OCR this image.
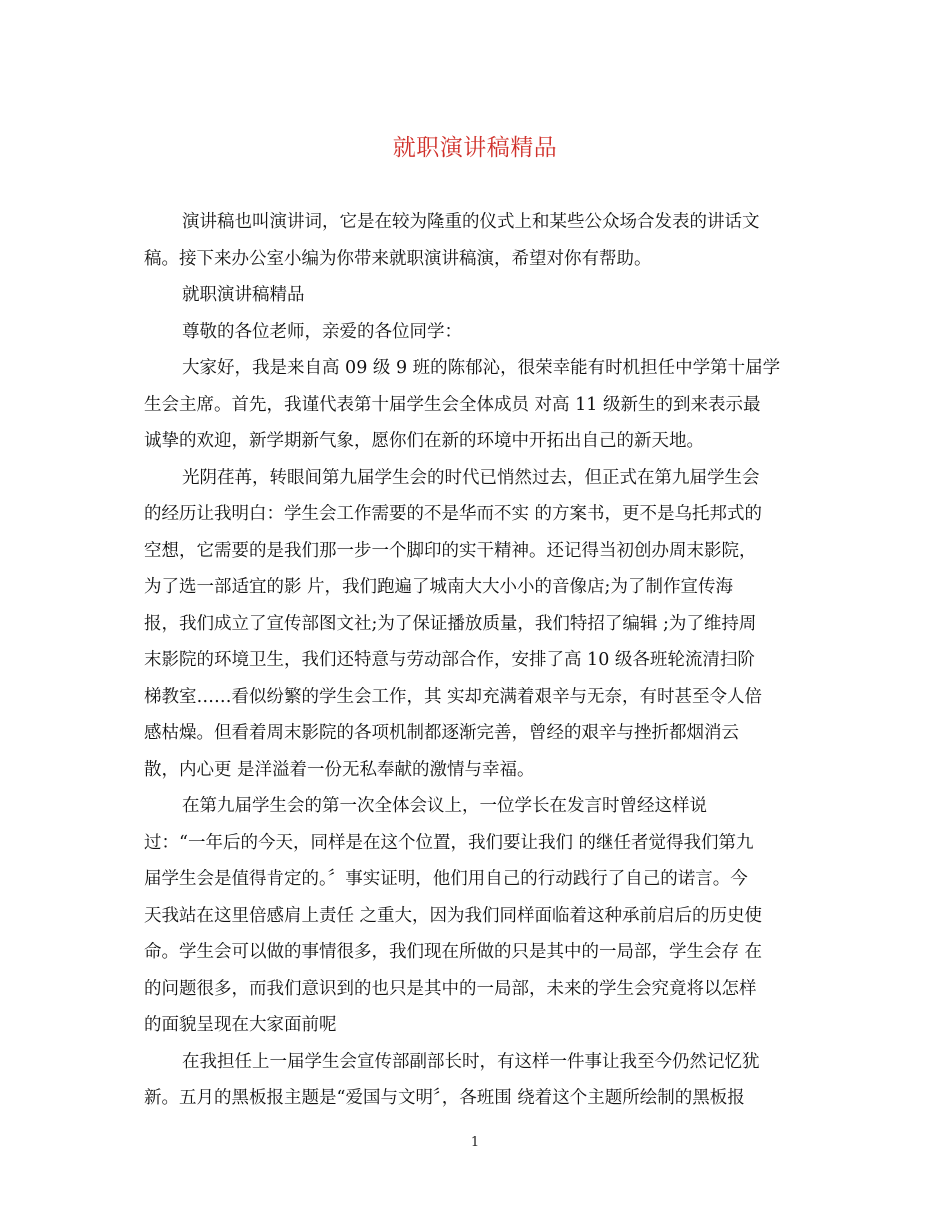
就职演讲稿精品
演讲稿也叫演讲词，它是在较为隆重的仪式上和某些公众场合发表的讲话文
稿。接下来办公室小编为你带来就职演讲稿演，希望对你有帮助。
就职演讲稿精品
尊敬的各位老师，亲爱的各位同学：
大家好，我是来自高 09 级 9 班的陈郁沁，很荣幸能有时机担任中学第十届学
生会主席。首先，我谨代表第十届学生会全体成员 对高 11 级新生的到来表示最
诚挚的欢迎，新学期新气象，愿你们在新的环境中开拓出自己的新天地。
光阴荏苒，转眼间第九届学生会的时代已悄然过去，但正式在第九届学生会
的经历让我明白：学生会工作需要的不是华而不实 的方案书，更不是乌托邦式的
空想，它需要的是我们那一步一个脚印的实干精神。还记得当初创办周末影院，
为了选一部适宜的影 片，我们跑遍了城南大大小小的音像店;为了制作宣传海
报，我们成立了宣传部图文社;为了保证播放质量，我们特招了编辑 ;为了维持周
末影院的环境卫生，我们还特意与劳动部合作，安排了高 10 级各班轮流清扫阶
梯教室……看似纷繁的学生会工作，其 实却充满着艰辛与无奈，有时甚至令人倍
感枯燥。但看着周末影院的各项机制都逐渐完善，曾经的艰辛与挫折都烟消云
散，内心更 是洋溢着一份无私奉献的激情与幸福。
在第九届学生会的第一次全体会议上，一位学长在发言时曾经这样说
过：“一年后的今天，同样是在这个位置，我们要让我们 的继任者觉得我们第九
届学生会是值得肯定的。〞事实证明，他们用自己的行动践行了自己的诺言。今
天我站在这里倍感肩上责任 之重大，因为我们同样面临着这种承前启后的历史使
命。学生会可以做的事情很多，我们现在所做的只是其中的一局部，学生会存 在
的问题很多，而我们意识到的也只是其中的一局部，未来的学生会究竟将以怎样
的面貌呈现在大家面前呢
在我担任上一届学生会宣传部副部长时，有这样一件事让我至今仍然记忆犹
新。五月的黑板报主题是“爱国与文明〞，各班围 绕着这个主题所绘制的黑板报
1
